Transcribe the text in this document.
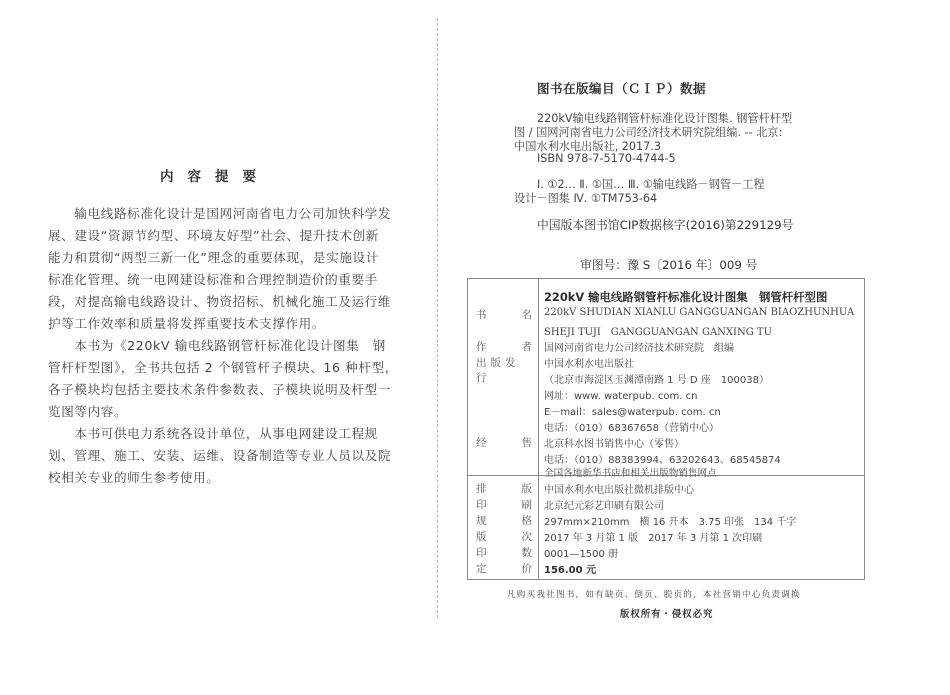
内容提要
　　输电线路标准化设计是国网河南省电力公司加快科学发
展、建设“资源节约型、环境友好型”社会、提升技术创新
能力和贯彻“两型三新一化”理念的重要体现，是实施设计
标准化管理、统一电网建设标准和合理控制造价的重要手
段，对提高输电线路设计、物资招标、机械化施工及运行维
护等工作效率和质量将发挥重要技术支撑作用。
　　本书为《220kV 输电线路钢管杆标准化设计图集　钢
管杆杆型图》，全书共包括 2 个钢管杆子模块、16 种杆型，
各子模块均包括主要技术条件参数表、子模块说明及杆型一
览图等内容。
　　本书可供电力系统各设计单位，从事电网建设工程规
划、管理、施工、安装、运维、设备制造等专业人员以及院
校相关专业的师生参考使用。
图书在版编目（ＣＩＰ）数据
220kV输电线路钢管杆标准化设计图集. 钢管杆杆型
图 / 国网河南省电力公司经济技术研究院组编. -- 北京:
中国水利水电出版社, 2017.3
ISBN 978-7-5170-4744-5
Ⅰ. ①2… Ⅱ. ①国… Ⅲ. ①输电线路－钢管－工程
设计－图集 Ⅳ. ①TM753-64
中国版本图书馆CIP数据核字(2016)第229129号
审图号：豫 S〔2016 年〕009 号
书	名
220kV 输电线路钢管杆标准化设计图集　钢管杆杆型图
220kV SHUDIAN XIANLU GANGGUANGAN BIAOZHUNHUA
SHEJI TUJI　GANGGUANGAN GANXING TU
作	者 国网河南省电力公司经济技术研究院　组编
出版发行
中国水利水电出版社
（北京市海淀区玉渊潭南路 1 号 D 座　100038）
网址：www. waterpub. com. cn
E－mail：sales@waterpub. com. cn
电话：（010）68367658（营销中心）
经	售 北京科水图书销售中心（零售）
电话：（010）88383994、63202643、68545874
全国各地新华书店和相关出版物销售网点
排	版 中国水利水电出版社微机排版中心
印	刷 北京纪元彩艺印刷有限公司
规	格 297mm×210mm　横 16 开本　3.75 印张　134 千字
版	次 2017 年 3 月第 1 版　2017 年 3 月第 1 次印刷
印	数 0001—1500 册
定	价 156.00 元
凡购买我社图书，如有缺页、倒页、脱页的，本社营销中心负责调换
版权所有・侵权必究
